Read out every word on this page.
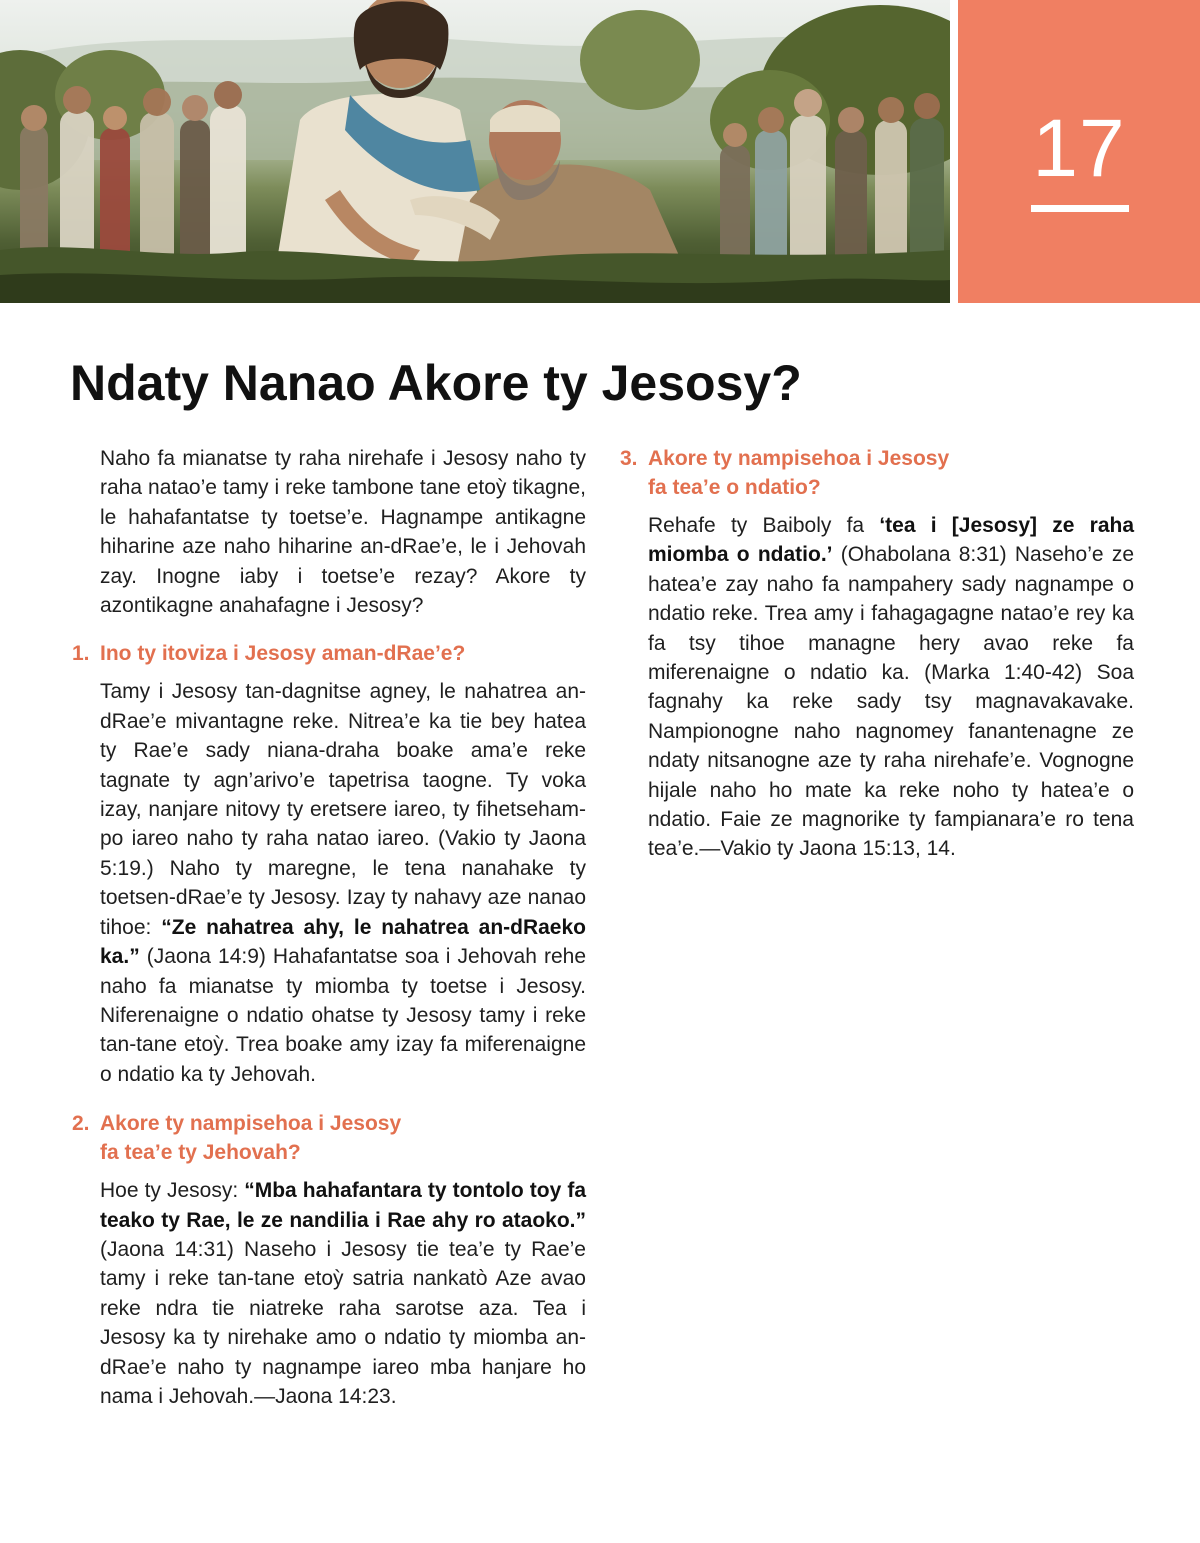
17
Ndaty Nanao Akore ty Jesosy?

Naho fa mianatse ty raha nirehafe i Jesosy naho ty raha natao’e tamy i reke tambone tane etoỳ tikagne, le hahafantatse ty toetse’e. Hagnampe antikagne hiharine aze naho hiharine an-dRae’e, le i Jehovah zay. Inogne iaby i toetse’e rezay? Akore ty azontikagne anahafagne i Jesosy?

1. Ino ty itoviza i Jesosy aman-dRae’e?

Tamy i Jesosy tan-dagnitse agney, le nahatrea an-dRae’e mivantagne reke. Nitrea’e ka tie bey hatea ty Rae’e sady niana-draha boake ama’e reke tagnate ty agn’arivo’e tapetrisa taogne. Ty voka izay, nanjare nitovy ty eretsere iareo, ty fihetseham-po iareo naho ty raha natao iareo. (Vakio ty Jaona 5:19.) Naho ty maregne, le tena nanahake ty toetsen-dRae’e ty Jesosy. Izay ty nahavy aze nanao tihoe: “Ze nahatrea ahy, le nahatrea an-dRaeko ka.” (Jaona 14:9) Hahafantatse soa i Jehovah rehe naho fa mianatse ty miomba ty toetse i Jesosy. Niferenaigne o ndatio ohatse ty Jesosy tamy i reke tan-tane etoỳ. Trea boake amy izay fa miferenaigne o ndatio ka ty Jehovah.

2. Akore ty nampisehoa i Jesosy
fa tea’e ty Jehovah?

Hoe ty Jesosy: “Mba hahafantara ty tontolo toy fa teako ty Rae, le ze nandilia i Rae ahy ro ataoko.” (Jaona 14:31) Naseho i Jesosy tie tea’e ty Rae’e tamy i reke tan-tane etoỳ satria nankatò Aze avao reke ndra tie niatreke raha sarotse aza. Tea i Jesosy ka ty nirehake amo o ndatio ty miomba an-dRae’e naho ty nagnampe iareo mba hanjare ho nama i Jehovah.—Jaona 14:23.

3. Akore ty nampisehoa i Jesosy
fa tea’e o ndatio?

Rehafe ty Baiboly fa ‘tea i [Jesosy] ze raha miomba o ndatio.’ (Ohabolana 8:31) Naseho’e ze hatea’e zay naho fa nampahery sady nagnampe o ndatio reke. Trea amy i fahagagagne natao’e rey ka fa tsy tihoe managne hery avao reke fa miferenaigne o ndatio ka. (Marka 1:40-42) Soa fagnahy ka reke sady tsy magnavakavake. Nampionogne naho nagnomey fanantenagne ze ndaty nitsanogne aze ty raha nirehafe’e. Vognogne hijale naho ho mate ka reke noho ty hatea’e o ndatio. Faie ze magnorike ty fampianara’e ro tena tea’e.—Vakio ty Jaona 15:13, 14.
